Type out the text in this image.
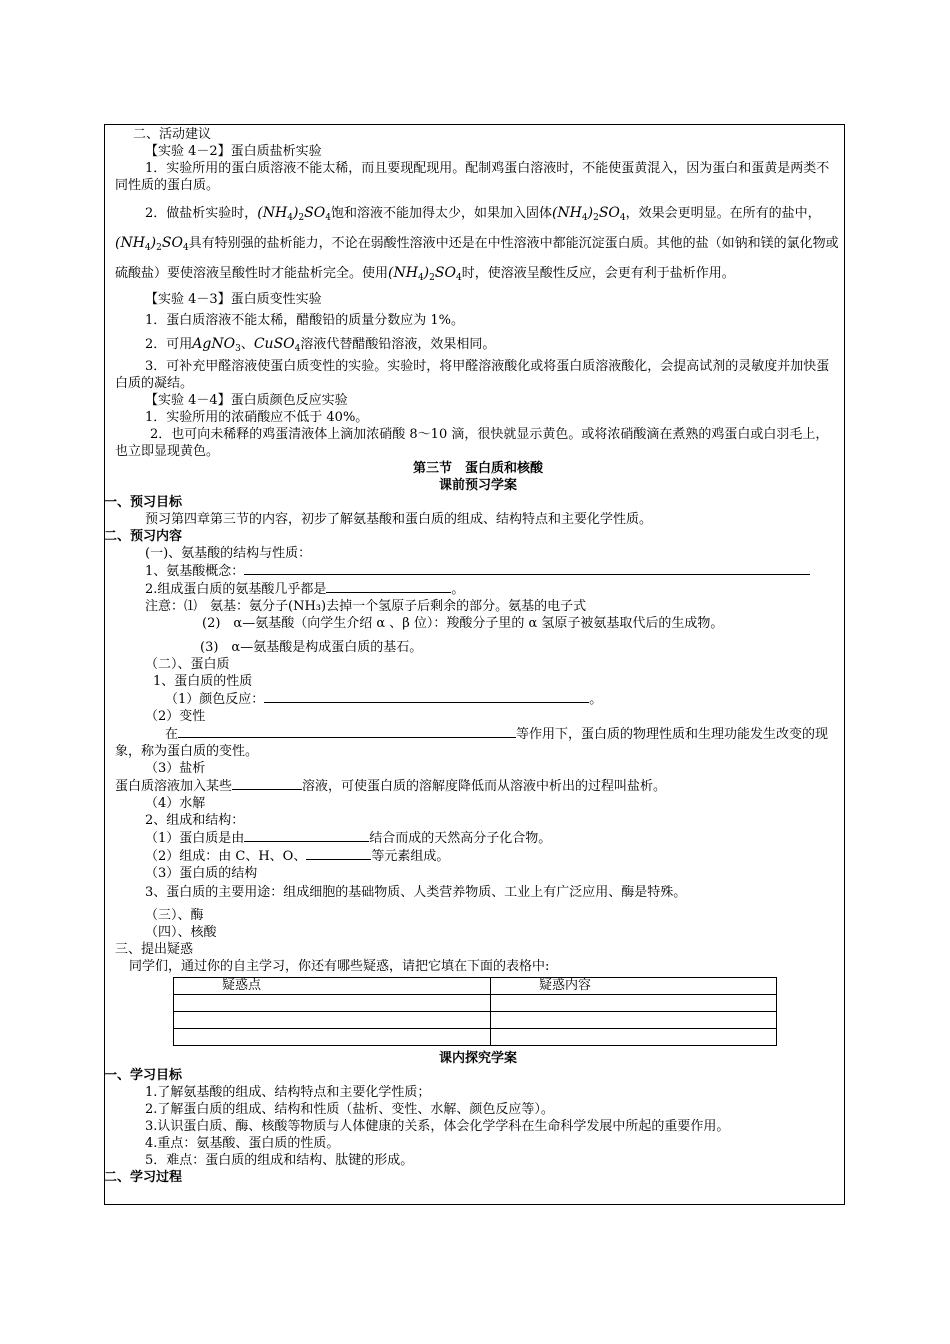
二、活动建议
【实验 4－2】蛋白质盐析实验
1．实验所用的蛋白质溶液不能太稀，而且要现配现用。配制鸡蛋白溶液时，不能使蛋黄混入，因为蛋白和蛋黄是两类不同性质的蛋白质。
2．做盐析实验时，$(NH_4)_2SO_4$饱和溶液不能加得太少，如果加入固体$(NH_4)_2SO_4$，效果会更明显。在所有的盐中，$(NH_4)_2SO_4$具有特别强的盐析能力，不论在弱酸性溶液中还是在中性溶液中都能沉淀蛋白质。其他的盐（如钠和镁的氯化物或硫酸盐）要使溶液呈酸性时才能盐析完全。使用$(NH_4)_2SO_4$时，使溶液呈酸性反应，会更有利于盐析作用。
【实验 4－3】蛋白质变性实验
1．蛋白质溶液不能太稀，醋酸铅的质量分数应为 1%。
2．可用AgNO$_3$、CuSO$_4$溶液代替醋酸铅溶液，效果相同。
3．可补充甲醛溶液使蛋白质变性的实验。实验时，将甲醛溶液酸化或将蛋白质溶液酸化，会提高试剂的灵敏度并加快蛋白质的凝结。
【实验 4－4】蛋白质颜色反应实验
1．实验所用的浓硝酸应不低于 40%。
2．也可向未稀释的鸡蛋清液体上滴加浓硝酸 8～10 滴，很快就显示黄色。或将浓硝酸滴在煮熟的鸡蛋白或白羽毛上，也立即显现黄色。
第三节　蛋白质和核酸
课前预习学案
一、预习目标
预习第四章第三节的内容，初步了解氨基酸和蛋白质的组成、结构特点和主要化学性质。
二、预习内容
(一)、氨基酸的结构与性质：
1、氨基酸概念：
2.组成蛋白质的氨基酸几乎都是	。
注意：⑴　氨基：氨分子(NH₃)去掉一个氢原子后剩余的部分。氨基的电子式
(2)　α—氨基酸（向学生介绍 α 、β 位）：羧酸分子里的 α 氢原子被氨基取代后的生成物。
(3)　α—氨基酸是构成蛋白质的基石。
（二）、蛋白质
1、蛋白质的性质
（1）颜色反应：	。
（2）变性
在	等作用下，蛋白质的物理性质和生理功能发生改变的现象，称为蛋白质的变性。
（3）盐析
蛋白质溶液加入某些	溶液，可使蛋白质的溶解度降低而从溶液中析出的过程叫盐析。
（4）水解
2、组成和结构：
（1）蛋白质是由	结合而成的天然高分子化合物。
（2）组成：由 C、H、O、	等元素组成。
（3）蛋白质的结构
3、蛋白质的主要用途：组成细胞的基础物质、人类营养物质、工业上有广泛应用、酶是特殊。
（三）、酶
（四）、核酸
三、提出疑惑
同学们，通过你的自主学习，你还有哪些疑惑，请把它填在下面的表格中:
疑惑点	疑惑内容

课内探究学案
一、学习目标
1.了解氨基酸的组成、结构特点和主要化学性质；
2.了解蛋白质的组成、结构和性质（盐析、变性、水解、颜色反应等）。
3.认识蛋白质、酶、核酸等物质与人体健康的关系，体会化学学科在生命科学发展中所起的重要作用。
4.重点：氨基酸、蛋白质的性质。
5．难点：蛋白质的组成和结构、肽键的形成。
二、学习过程
